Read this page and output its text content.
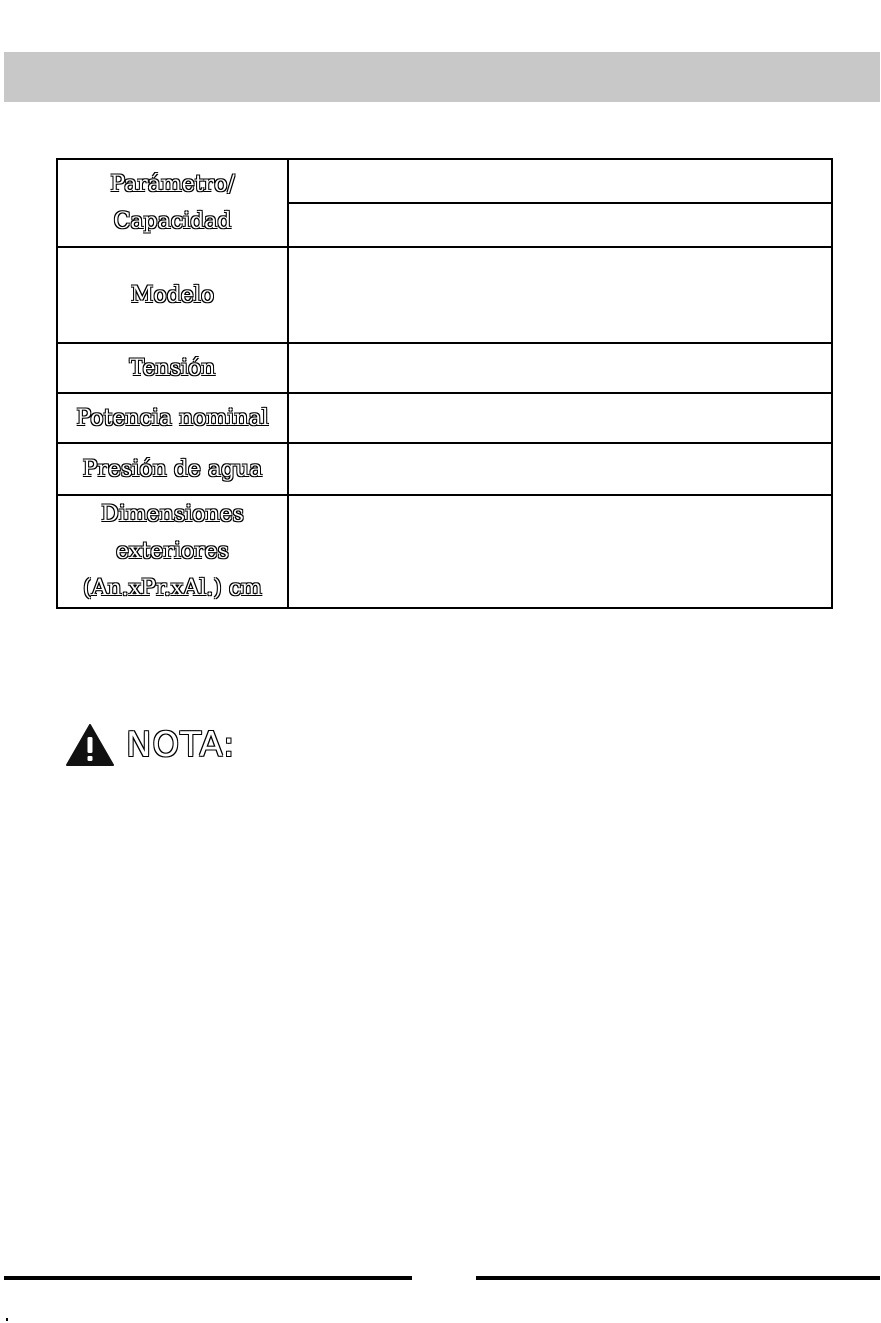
Parámetro/ Capacidad	

Modelo	
Tensión	
Potencia nominal	
Presión de agua	
Dimensiones exteriores (An.xPr.xAl.) cm	
NOTA:
